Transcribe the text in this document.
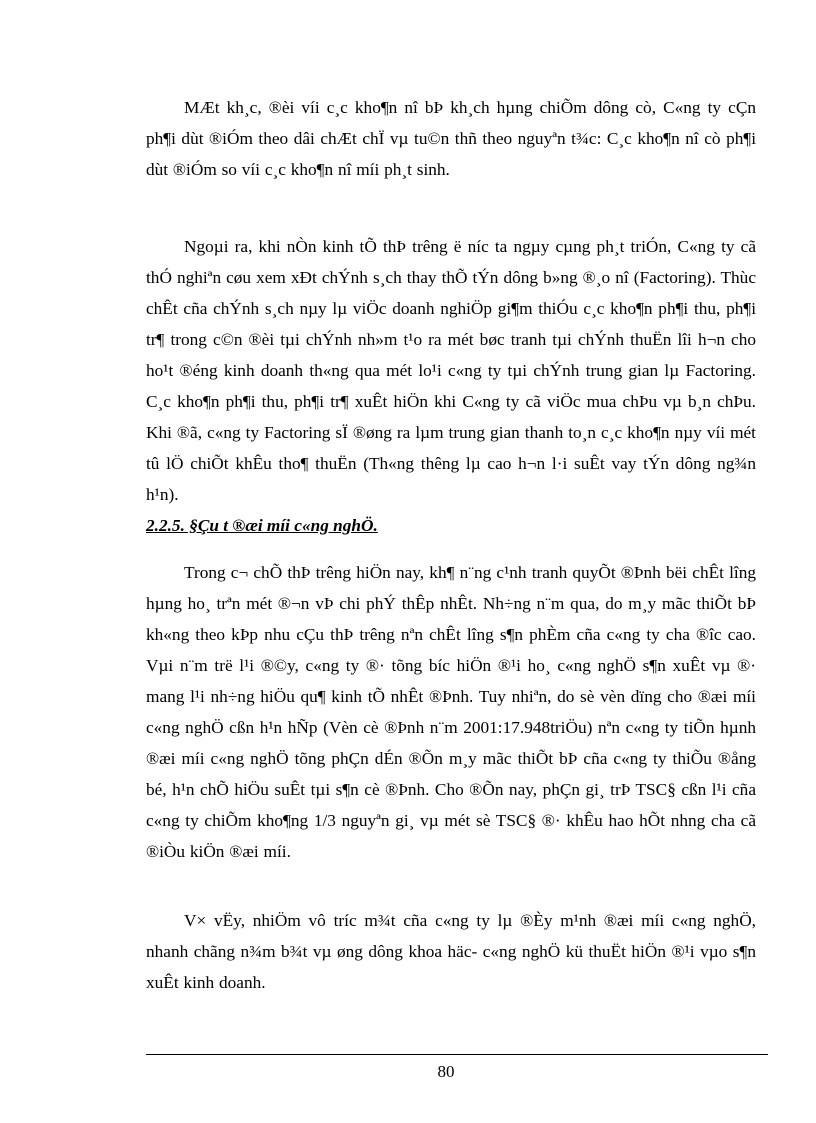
MÆt kh¸c, ®èi víi c¸c kho¶n nî bÞ kh¸ch hµng chiÕm dông cò, C«ng ty cÇn ph¶i dùt ®iÓm theo dâi chÆt chÏ vµ tu©n thñ theo nguyªn t¾c: C¸c kho¶n nî cò ph¶i dùt ®iÓm so víi c¸c kho¶n nî míi ph¸t sinh.

Ngoµi ra, khi nÒn kinh tÕ thÞ trêng ë níc ta ngµy cµng ph¸t triÓn, C«ng ty cã thÓ nghiªn cøu xem xÐt chÝnh s¸ch thay thÕ tÝn dông b»ng ®¸o nî (Factoring). Thùc chÊt cña chÝnh s¸ch nµy lµ viÖc doanh nghiÖp gi¶m thiÓu c¸c kho¶n ph¶i thu, ph¶i tr¶ trong c©n ®èi tµi chÝnh nh»m t¹o ra mét bøc tranh tµi chÝnh thuËn lîi h¬n cho ho¹t ®éng kinh doanh th«ng qua mét lo¹i c«ng ty tµi chÝnh trung gian lµ Factoring. C¸c kho¶n ph¶i thu, ph¶i tr¶ xuÊt hiÖn khi C«ng ty cã viÖc mua chÞu vµ b¸n chÞu. Khi ®ã, c«ng ty Factoring sÏ ®øng ra lµm trung gian thanh to¸n c¸c kho¶n nµy víi mét tû lÖ chiÕt khÊu tho¶ thuËn (Th«ng thêng lµ cao h¬n l·i suÊt vay tÝn dông ng¾n h¹n).

2.2.5. §Çu t ®æi míi c«ng nghÖ.

Trong c¬ chÕ thÞ trêng hiÖn nay, kh¶ n¨ng c¹nh tranh quyÕt ®Þnh bëi chÊt lîng hµng ho¸ trªn mét ®¬n vÞ chi phÝ thÊp nhÊt. Nh÷ng n¨m qua, do m¸y mãc thiÕt bÞ kh«ng theo kÞp nhu cÇu thÞ trêng nªn chÊt lîng s¶n phÈm cña c«ng ty cha ®îc cao. Vµi n¨m trë l¹i ®©y, c«ng ty ®· tõng bíc hiÖn ®¹i ho¸ c«ng nghÖ s¶n xuÊt vµ ®· mang l¹i nh÷ng hiÖu qu¶ kinh tÕ nhÊt ®Þnh. Tuy nhiªn, do sè vèn dïng cho ®æi míi c«ng nghÖ cßn h¹n hÑp (Vèn cè ®Þnh n¨m 2001:17.948triÖu) nªn c«ng ty tiÕn hµnh ®æi míi c«ng nghÖ tõng phÇn dÉn ®Õn m¸y mãc thiÕt bÞ cña c«ng ty thiÕu ®ång bé, h¹n chÕ hiÖu suÊt tµi s¶n cè ®Þnh. Cho ®Õn nay, phÇn gi¸ trÞ TSC§ cßn l¹i cña c«ng ty chiÕm kho¶ng 1/3 nguyªn gi¸ vµ mét sè TSC§ ®· khÊu hao hÕt nhng cha cã ®iÒu kiÖn ®æi míi.

V× vËy, nhiÖm vô tríc m¾t cña c«ng ty lµ ®Èy m¹nh ®æi míi c«ng nghÖ, nhanh chãng n¾m b¾t vµ øng dông khoa häc- c«ng nghÖ kü thuËt hiÖn ®¹i vµo s¶n xuÊt kinh doanh.

80
